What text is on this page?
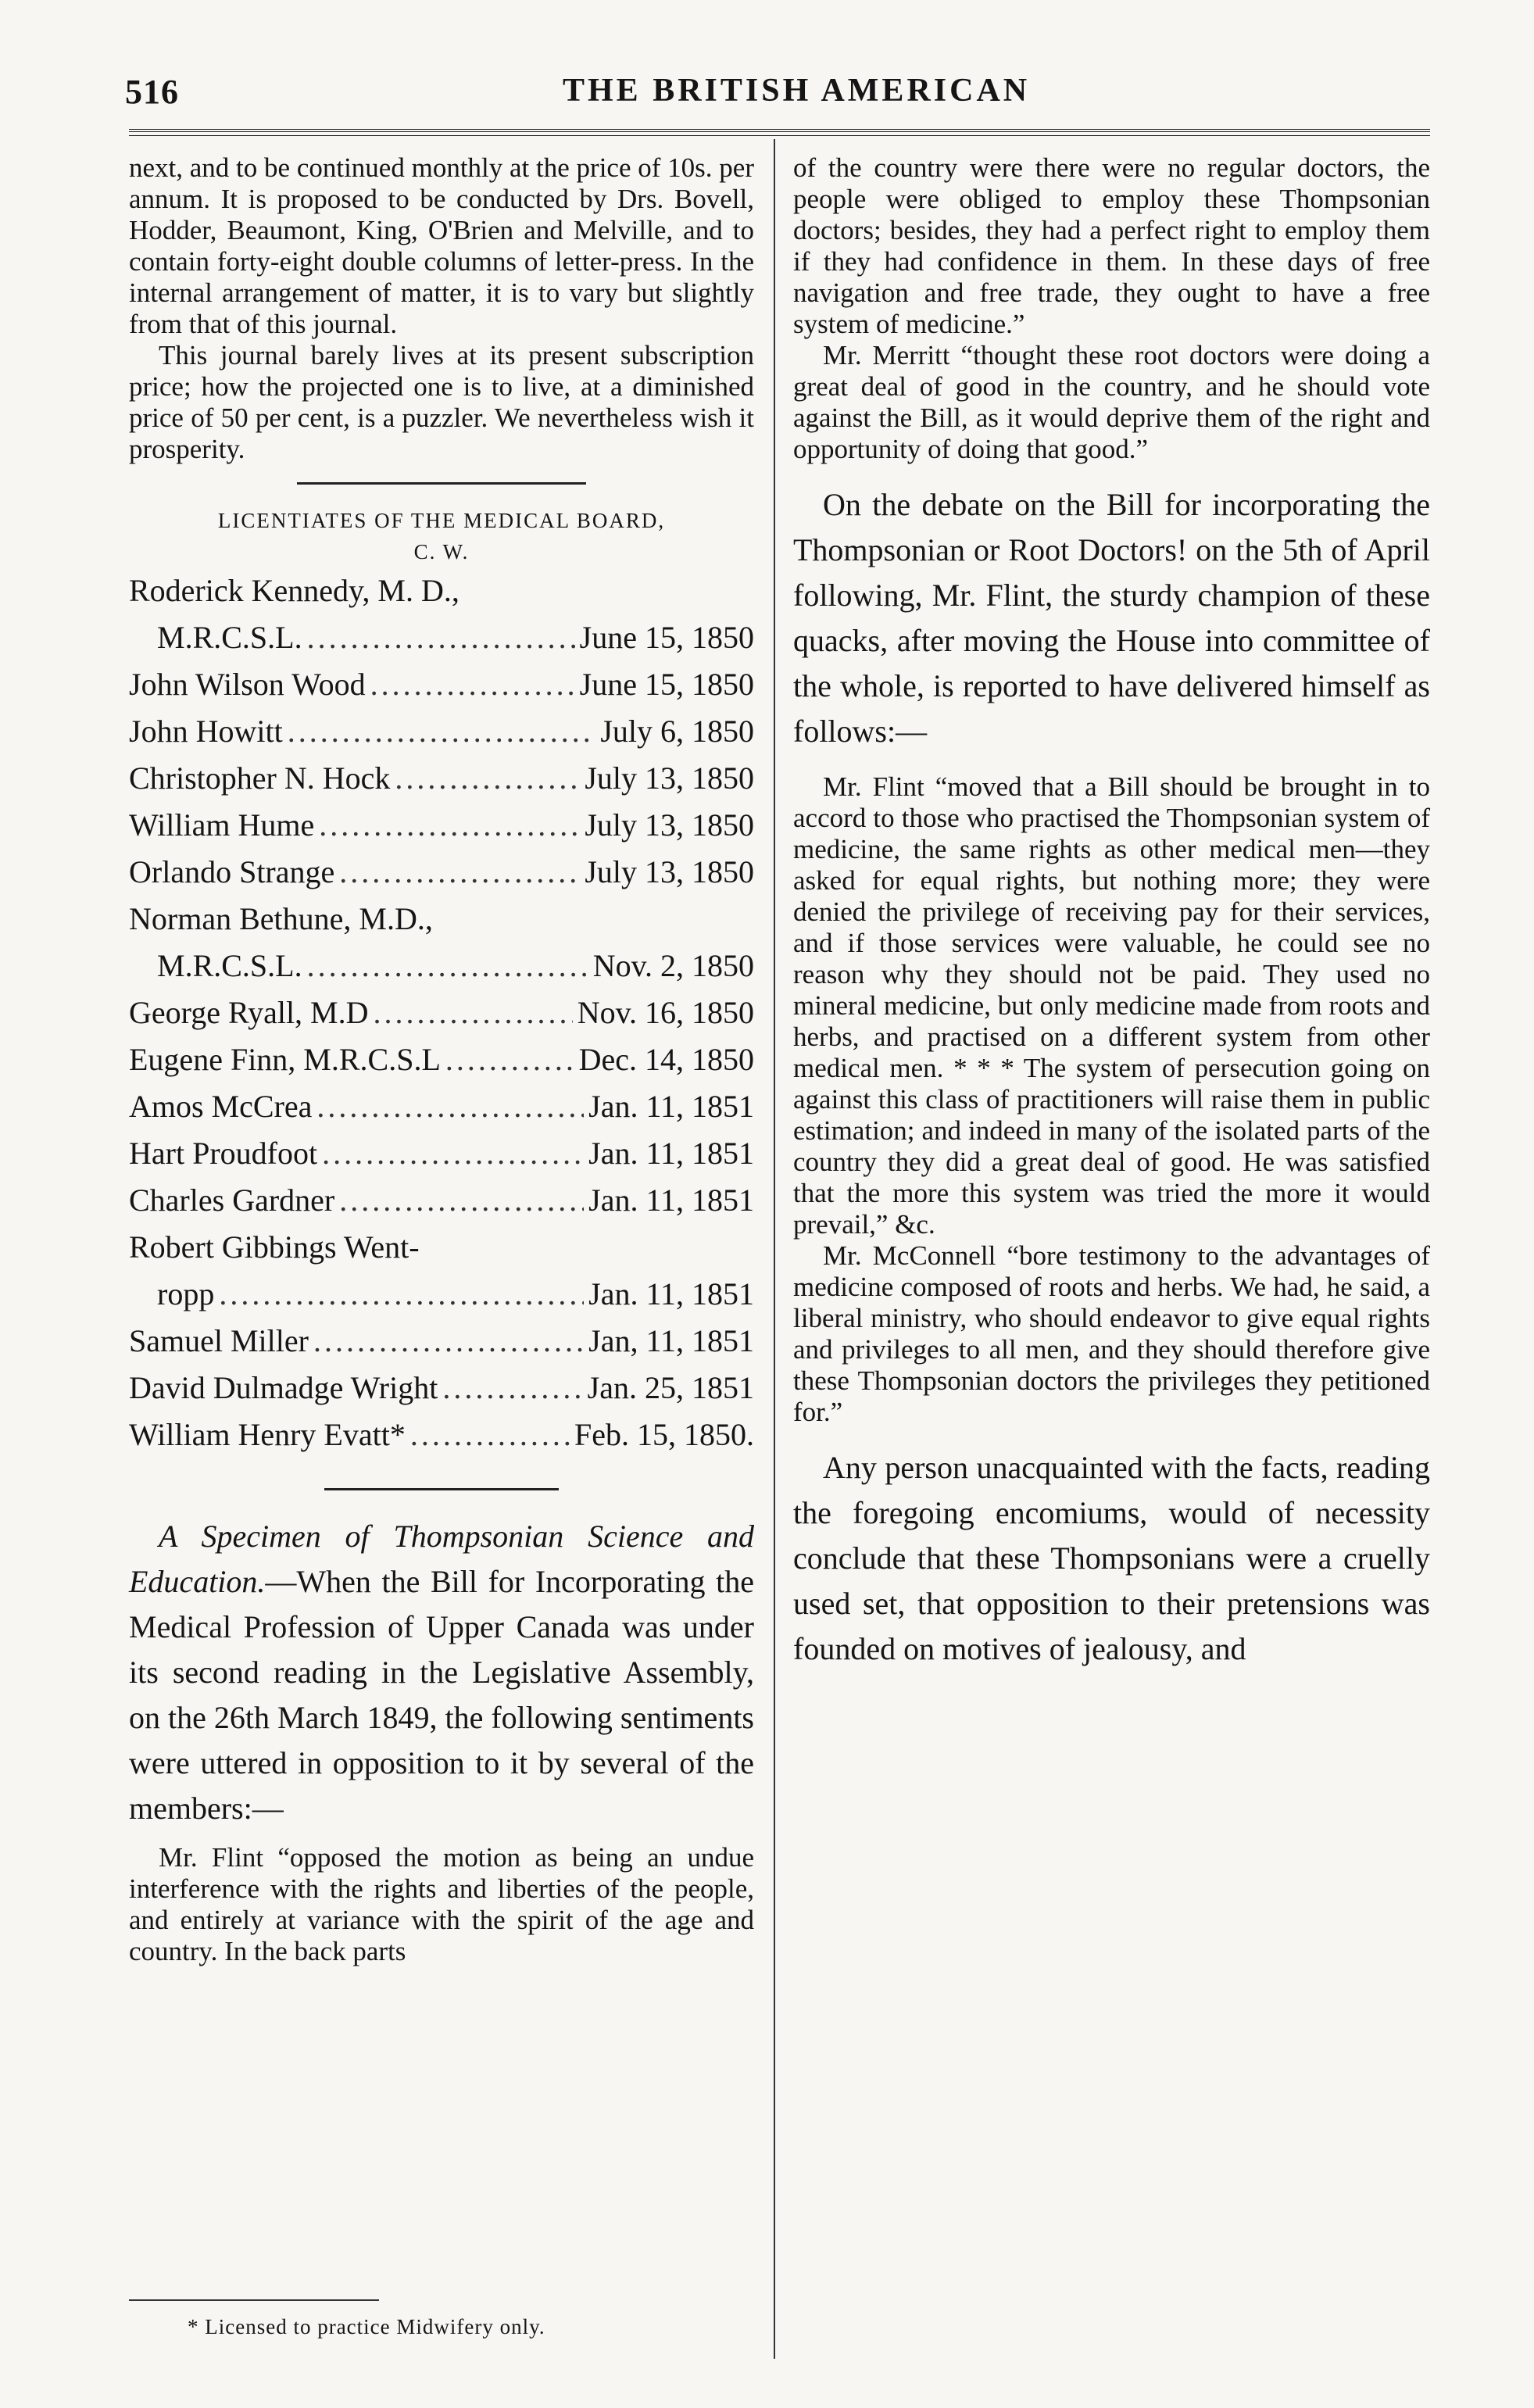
516	THE BRITISH AMERICAN

next, and to be continued monthly at the price of 10s. per annum. It is proposed to be conducted by Drs. Bovell, Hodder, Beaumont, King, O'Brien and Melville, and to contain forty-eight double columns of letter-press. In the internal arrangement of matter, it is to vary but slightly from that of this journal.

This journal barely lives at its present subscription price; how the projected one is to live, at a diminished price of 50 per cent, is a puzzler. We nevertheless wish it prosperity.

LICENTIATES OF THE MEDICAL BOARD,
C. W.

Roderick Kennedy, M. D.,
M.R.C.S.L. .....	June 15, 1850
John Wilson Wood .....	June 15, 1850
John Howitt .....	July 6, 1850
Christopher N. Hock .....	July 13, 1850
William Hume .....	July 13, 1850
Orlando Strange .....	July 13, 1850
Norman Bethune, M.D.,
M.R.C.S.L. .....	Nov. 2, 1850
George Ryall, M.D .....	Nov. 16, 1850
Eugene Finn, M.R.C.S.L .....	Dec. 14, 1850
Amos McCrea .....	Jan. 11, 1851
Hart Proudfoot .....	Jan. 11, 1851
Charles Gardner .....	Jan. 11, 1851
Robert Gibbings Went-
ropp .....	Jan. 11, 1851
Samuel Miller .....	Jan, 11, 1851
David Dulmadge Wright .....	Jan. 25, 1851
William Henry Evatt* .....	Feb. 15, 1850.

A Specimen of Thompsonian Science and Education.—When the Bill for Incorporating the Medical Profession of Upper Canada was under its second reading in the Legislative Assembly, on the 26th March 1849, the following sentiments were uttered in opposition to it by several of the members:—

Mr. Flint “opposed the motion as being an undue interference with the rights and liberties of the people, and entirely at variance with the spirit of the age and country. In the back parts

* Licensed to practice Midwifery only.

of the country were there were no regular doctors, the people were obliged to employ these Thompsonian doctors; besides, they had a perfect right to employ them if they had confidence in them. In these days of free navigation and free trade, they ought to have a free system of medicine.”

Mr. Merritt “thought these root doctors were doing a great deal of good in the country, and he should vote against the Bill, as it would deprive them of the right and opportunity of doing that good.”

On the debate on the Bill for incorporating the Thompsonian or Root Doctors! on the 5th of April following, Mr. Flint, the sturdy champion of these quacks, after moving the House into committee of the whole, is reported to have delivered himself as follows:—

Mr. Flint “moved that a Bill should be brought in to accord to those who practised the Thompsonian system of medicine, the same rights as other medical men—they asked for equal rights, but nothing more; they were denied the privilege of receiving pay for their services, and if those services were valuable, he could see no reason why they should not be paid. They used no mineral medicine, but only medicine made from roots and herbs, and practised on a different system from other medical men. * * * The system of persecution going on against this class of practitioners will raise them in public estimation; and indeed in many of the isolated parts of the country they did a great deal of good. He was satisfied that the more this system was tried the more it would prevail,” &c.

Mr. McConnell “bore testimony to the advantages of medicine composed of roots and herbs. We had, he said, a liberal ministry, who should endeavor to give equal rights and privileges to all men, and they should therefore give these Thompsonian doctors the privileges they petitioned for.”

Any person unacquainted with the facts, reading the foregoing encomiums, would of necessity conclude that these Thompsonians were a cruelly used set, that opposition to their pretensions was founded on motives of jealousy, and
